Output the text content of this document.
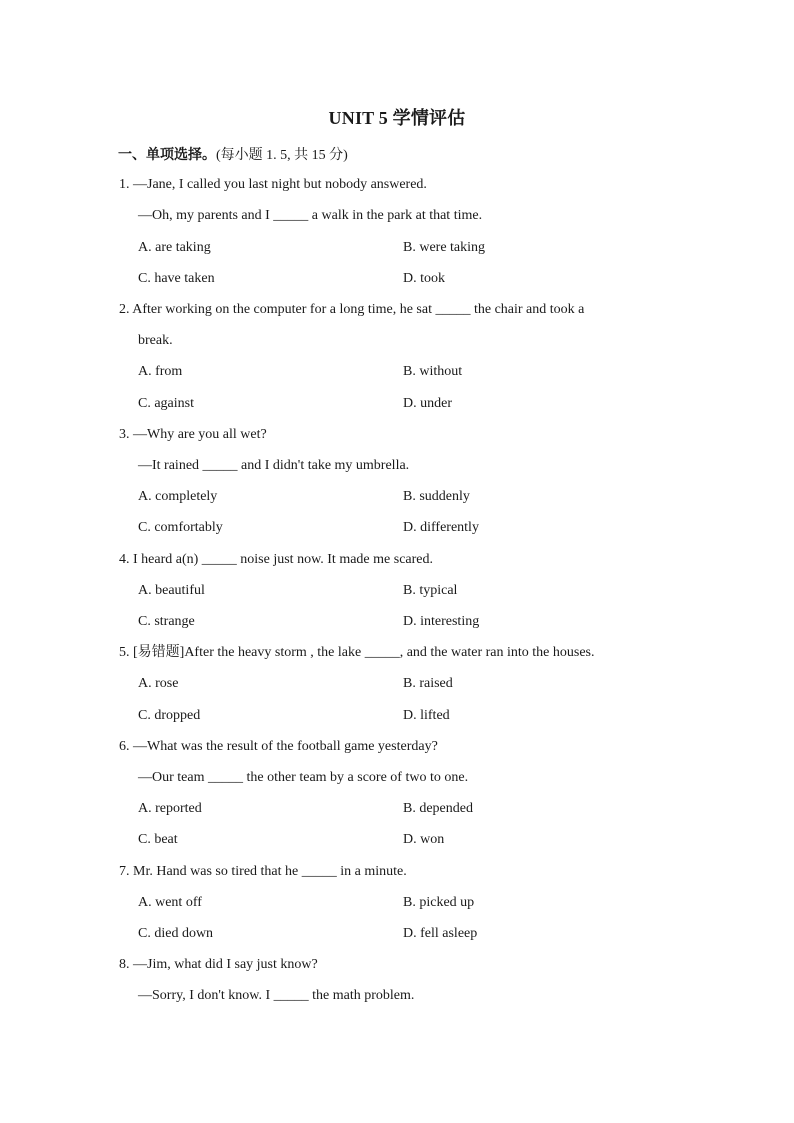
UNIT 5 学情评估
一、单项选择。(每小题 1. 5, 共 15 分)
1. —Jane, I called you last night but nobody answered.
—Oh, my parents and I _____ a walk in the park at that time.
A. are taking	B. were taking
C. have taken	D. took
2. After working on the computer for a long time, he sat _____ the chair and took a
break.
A. from	B. without
C. against	D. under
3. —Why are you all wet?
—It rained _____ and I didn't take my umbrella.
A. completely	B. suddenly
C. comfortably	D. differently
4. I heard a(n) _____ noise just now. It made me scared.
A. beautiful	B. typical
C. strange	D. interesting
5. [易错题]After the heavy storm , the lake _____, and the water ran into the houses.
A. rose	B. raised
C. dropped	D. lifted
6. —What was the result of the football game yesterday?
—Our team _____ the other team by a score of two to one.
A. reported	B. depended
C. beat	D. won
7. Mr. Hand was so tired that he _____ in a minute.
A. went off	B. picked up
C. died down	D. fell asleep
8. —Jim, what did I say just know?
—Sorry, I don't know. I _____ the math problem.
